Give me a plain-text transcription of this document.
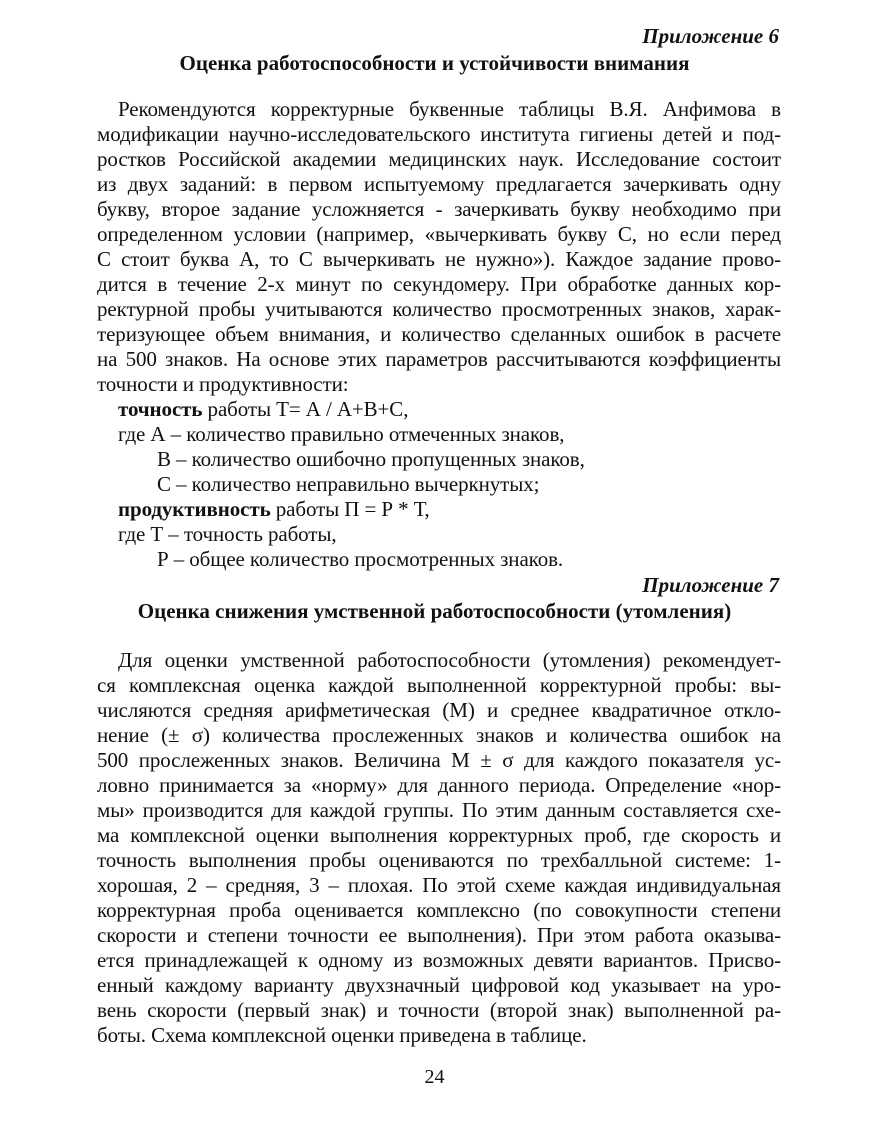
Приложение 6
Оценка работоспособности и устойчивости внимания
Рекомендуются корректурные буквенные таблицы В.Я. Анфимова в
модификации научно-исследовательского института гигиены детей и под-
ростков Российской академии медицинских наук. Исследование состоит
из двух заданий: в первом испытуемому предлагается зачеркивать одну
букву, второе задание усложняется - зачеркивать букву необходимо при
определенном условии (например, «вычеркивать букву С, но если перед
С стоит буква А, то С вычеркивать не нужно»). Каждое задание прово-
дится в течение 2-х минут по секундомеру. При обработке данных кор-
ректурной пробы учитываются количество просмотренных знаков, харак-
теризующее объем внимания, и количество сделанных ошибок в расчете
на 500 знаков. На основе этих параметров рассчитываются коэффициенты
точности и продуктивности:
точность работы Т= А / А+В+С,
где А – количество правильно отмеченных знаков,
В – количество ошибочно пропущенных знаков,
С – количество неправильно вычеркнутых;
продуктивность работы П = Р * Т,
где Т – точность работы,
Р – общее количество просмотренных знаков.
Приложение 7
Оценка снижения умственной работоспособности (утомления)
Для оценки умственной работоспособности (утомления) рекомендует-
ся комплексная оценка каждой выполненной корректурной пробы: вы-
числяются средняя арифметическая (М) и среднее квадратичное откло-
нение (± σ) количества прослеженных знаков и количества ошибок на
500 прослеженных знаков. Величина М ± σ для каждого показателя ус-
ловно принимается за «норму» для данного периода. Определение «нор-
мы» производится для каждой группы. По этим данным составляется схе-
ма комплексной оценки выполнения корректурных проб, где скорость и
точность выполнения пробы оцениваются по трехбалльной системе: 1-
хорошая, 2 – средняя, 3 – плохая. По этой схеме каждая индивидуальная
корректурная проба оценивается комплексно (по совокупности степени
скорости и степени точности ее выполнения). При этом работа оказыва-
ется принадлежащей к одному из возможных девяти вариантов. Присво-
енный каждому варианту двухзначный цифровой код указывает на уро-
вень скорости (первый знак) и точности (второй знак) выполненной ра-
боты. Схема комплексной оценки приведена в таблице.
24
